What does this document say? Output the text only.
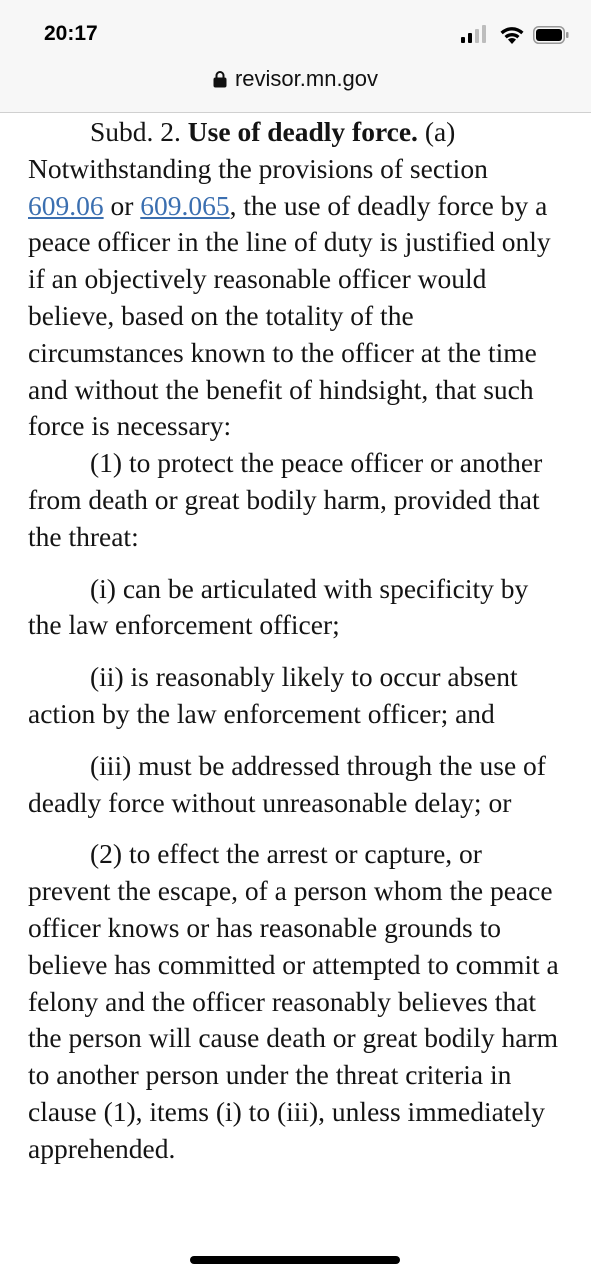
20:17
revisor.mn.gov

Subd. 2. Use of deadly force. (a) Notwithstanding the provisions of section 609.06 or 609.065, the use of deadly force by a peace officer in the line of duty is justified only if an objectively reasonable officer would believe, based on the totality of the circumstances known to the officer at the time and without the benefit of hindsight, that such force is necessary:

(1) to protect the peace officer or another from death or great bodily harm, provided that the threat:

(i) can be articulated with specificity by the law enforcement officer;

(ii) is reasonably likely to occur absent action by the law enforcement officer; and

(iii) must be addressed through the use of deadly force without unreasonable delay; or

(2) to effect the arrest or capture, or prevent the escape, of a person whom the peace officer knows or has reasonable grounds to believe has committed or attempted to commit a felony and the officer reasonably believes that the person will cause death or great bodily harm to another person under the threat criteria in clause (1), items (i) to (iii), unless immediately apprehended.
